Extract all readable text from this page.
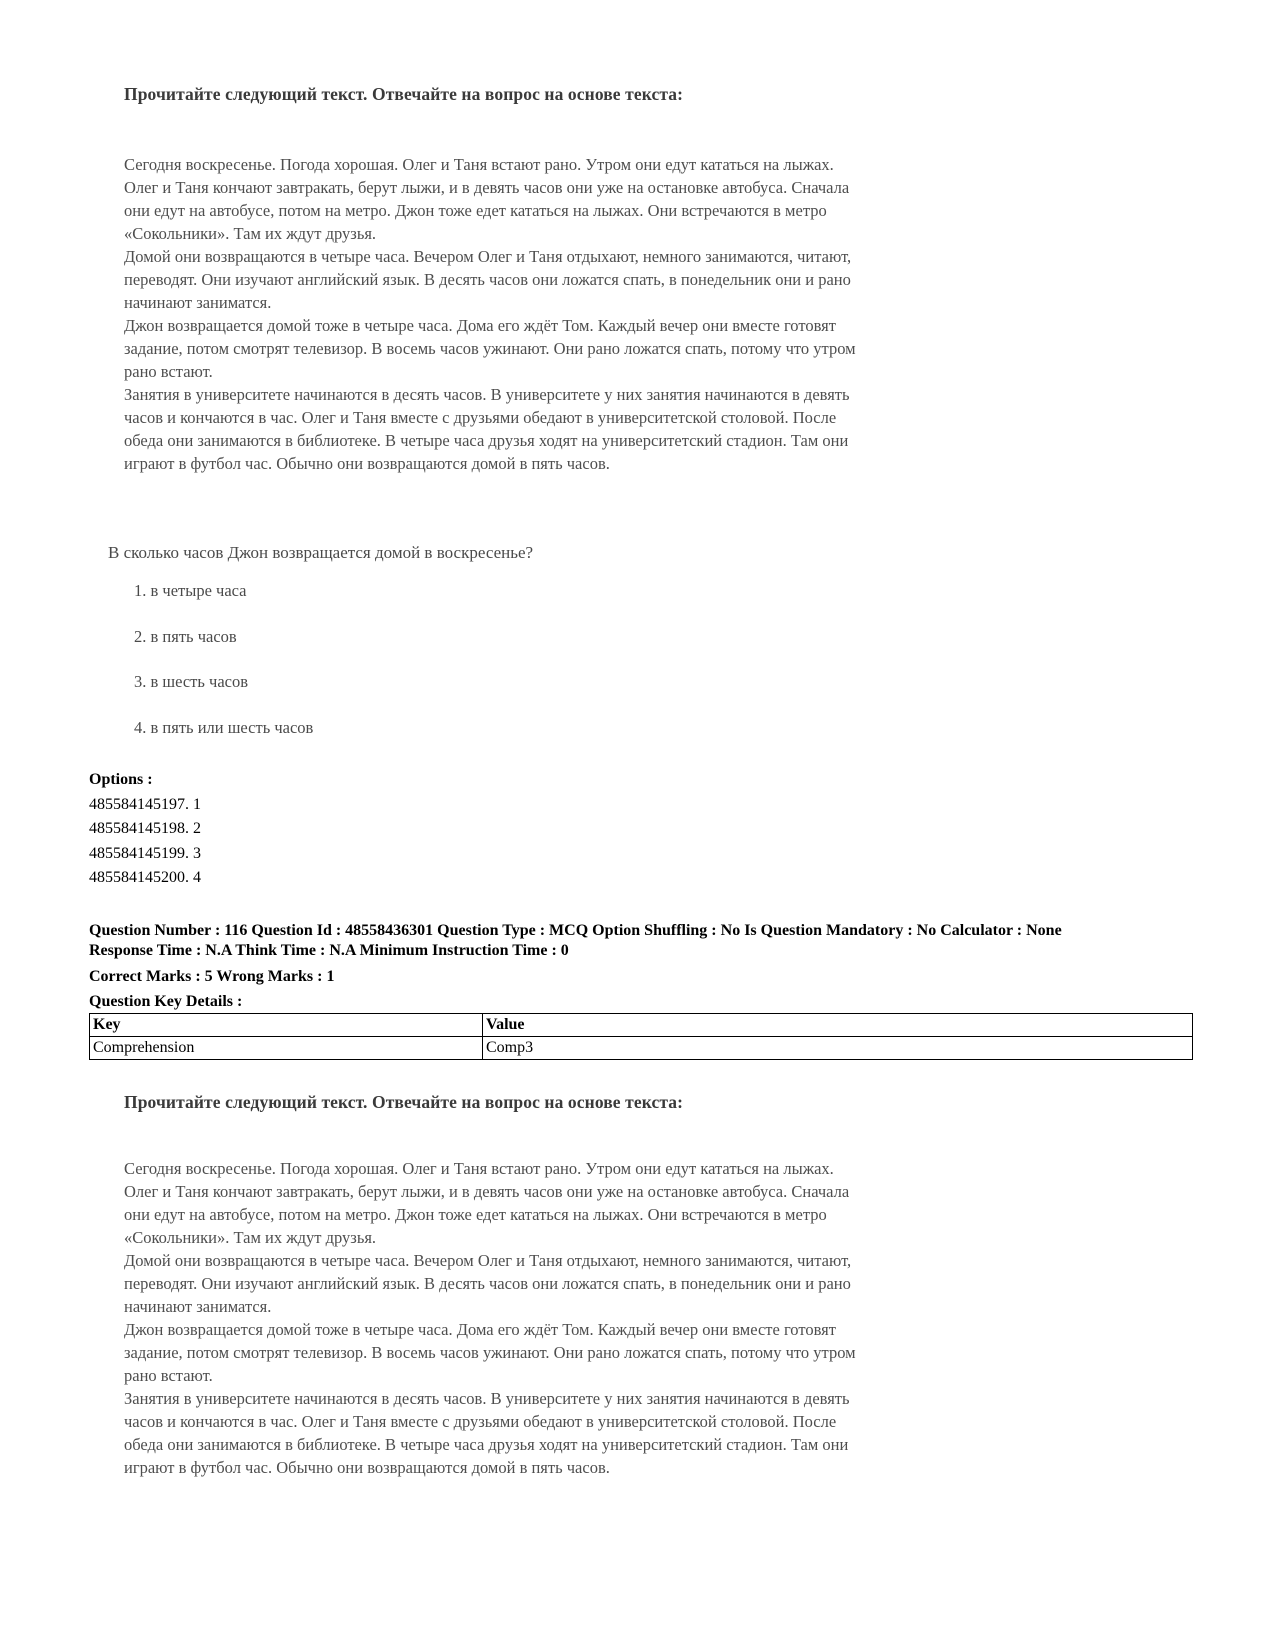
Прочитайте следующий текст. Отвечайте на вопрос на основе текста:

Сегодня воскресенье. Погода хорошая. Олег и Таня встают рано. Утром они едут кататься на лыжах.
Олег и Таня кончают завтракать, берут лыжи, и в девять часов они уже на остановке автобуса. Сначала
они едут на автобусе, потом на метро. Джон тоже едет кататься на лыжах. Они встречаются в метро
«Сокольники». Там их ждут друзья.
Домой они возвращаются в четыре часа. Вечером Олег и Таня отдыхают, немного занимаются, читают,
переводят. Они изучают английский язык. В десять часов они ложатся спать, в понедельник они и рано
начинают заниматся.
Джон возвращается домой тоже в четыре часа. Дома его ждёт Том. Каждый вечер они вместе готовят
задание, потом смотрят телевизор. В восемь часов ужинают. Они рано ложатся спать, потому что утром
рано встают.
Занятия в университете начинаются в десять часов. В университете у них занятия начинаются в девять
часов и кончаются в час. Олег и Таня вместе с друзьями обедают в университетской столовой. После
обеда они занимаются в библиотеке. В четыре часа друзья ходят на университетский стадион. Там они
играют в футбол час. Обычно они возвращаются домой в пять часов.
В сколько часов Джон возвращается домой в воскресенье?
1. в четыре часа
2. в пять часов
3. в шесть часов
4. в пять или шесть часов
Options :
485584145197. 1
485584145198. 2
485584145199. 3
485584145200. 4
Question Number : 116 Question Id : 48558436301 Question Type : MCQ Option Shuffling : No Is Question Mandatory : No Calculator : None
Response Time : N.A Think Time : N.A Minimum Instruction Time : 0
Correct Marks : 5 Wrong Marks : 1
Question Key Details :
Key	Value
Comprehension	Comp3

Прочитайте следующий текст. Отвечайте на вопрос на основе текста:

Сегодня воскресенье. Погода хорошая. Олег и Таня встают рано. Утром они едут кататься на лыжах.
Олег и Таня кончают завтракать, берут лыжи, и в девять часов они уже на остановке автобуса. Сначала
они едут на автобусе, потом на метро. Джон тоже едет кататься на лыжах. Они встречаются в метро
«Сокольники». Там их ждут друзья.
Домой они возвращаются в четыре часа. Вечером Олег и Таня отдыхают, немного занимаются, читают,
переводят. Они изучают английский язык. В десять часов они ложатся спать, в понедельник они и рано
начинают заниматся.
Джон возвращается домой тоже в четыре часа. Дома его ждёт Том. Каждый вечер они вместе готовят
задание, потом смотрят телевизор. В восемь часов ужинают. Они рано ложатся спать, потому что утром
рано встают.
Занятия в университете начинаются в десять часов. В университете у них занятия начинаются в девять
часов и кончаются в час. Олег и Таня вместе с друзьями обедают в университетской столовой. После
обеда они занимаются в библиотеке. В четыре часа друзья ходят на университетский стадион. Там они
играют в футбол час. Обычно они возвращаются домой в пять часов.
